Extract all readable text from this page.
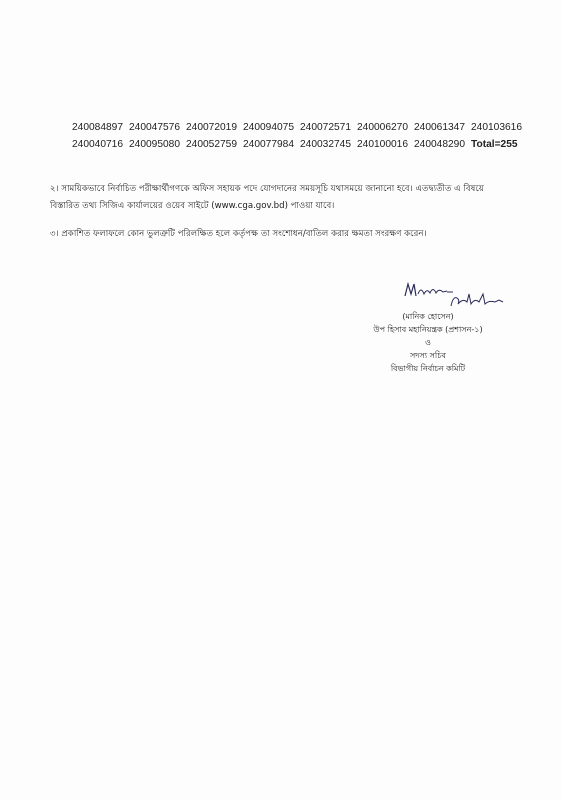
240084897	240047576	240072019	240094075	240072571	240006270	240061347	240103616
240040716	240095080	240052759	240077984	240032745	240100016	240048290	Total=255
২। সাময়িকভাবে নির্বাচিত পরীক্ষার্থীগণকে অফিস সহায়ক পদে যোগদানের সময়সূচি যথাসময়ে জানানো হবে। এতদ্ব্যতীত এ বিষয়ে
বিস্তারিত তথ্য সিজিএ কার্যালয়ের ওয়েব সাইটে (www.cga.gov.bd) পাওয়া যাবে।
৩। প্রকাশিত ফলাফলে কোন ভুলত্রুটি পরিলক্ষিত হলে কর্তৃপক্ষ তা সংশোধন/বাতিল করার ক্ষমতা সংরক্ষণ করেন।
(মানিক হোসেন)
উপ হিসাব মহানিয়ন্ত্রক (প্রশাসন-১)
ও
সদস্য সচিব
বিভাগীয় নির্বাচন কমিটি
